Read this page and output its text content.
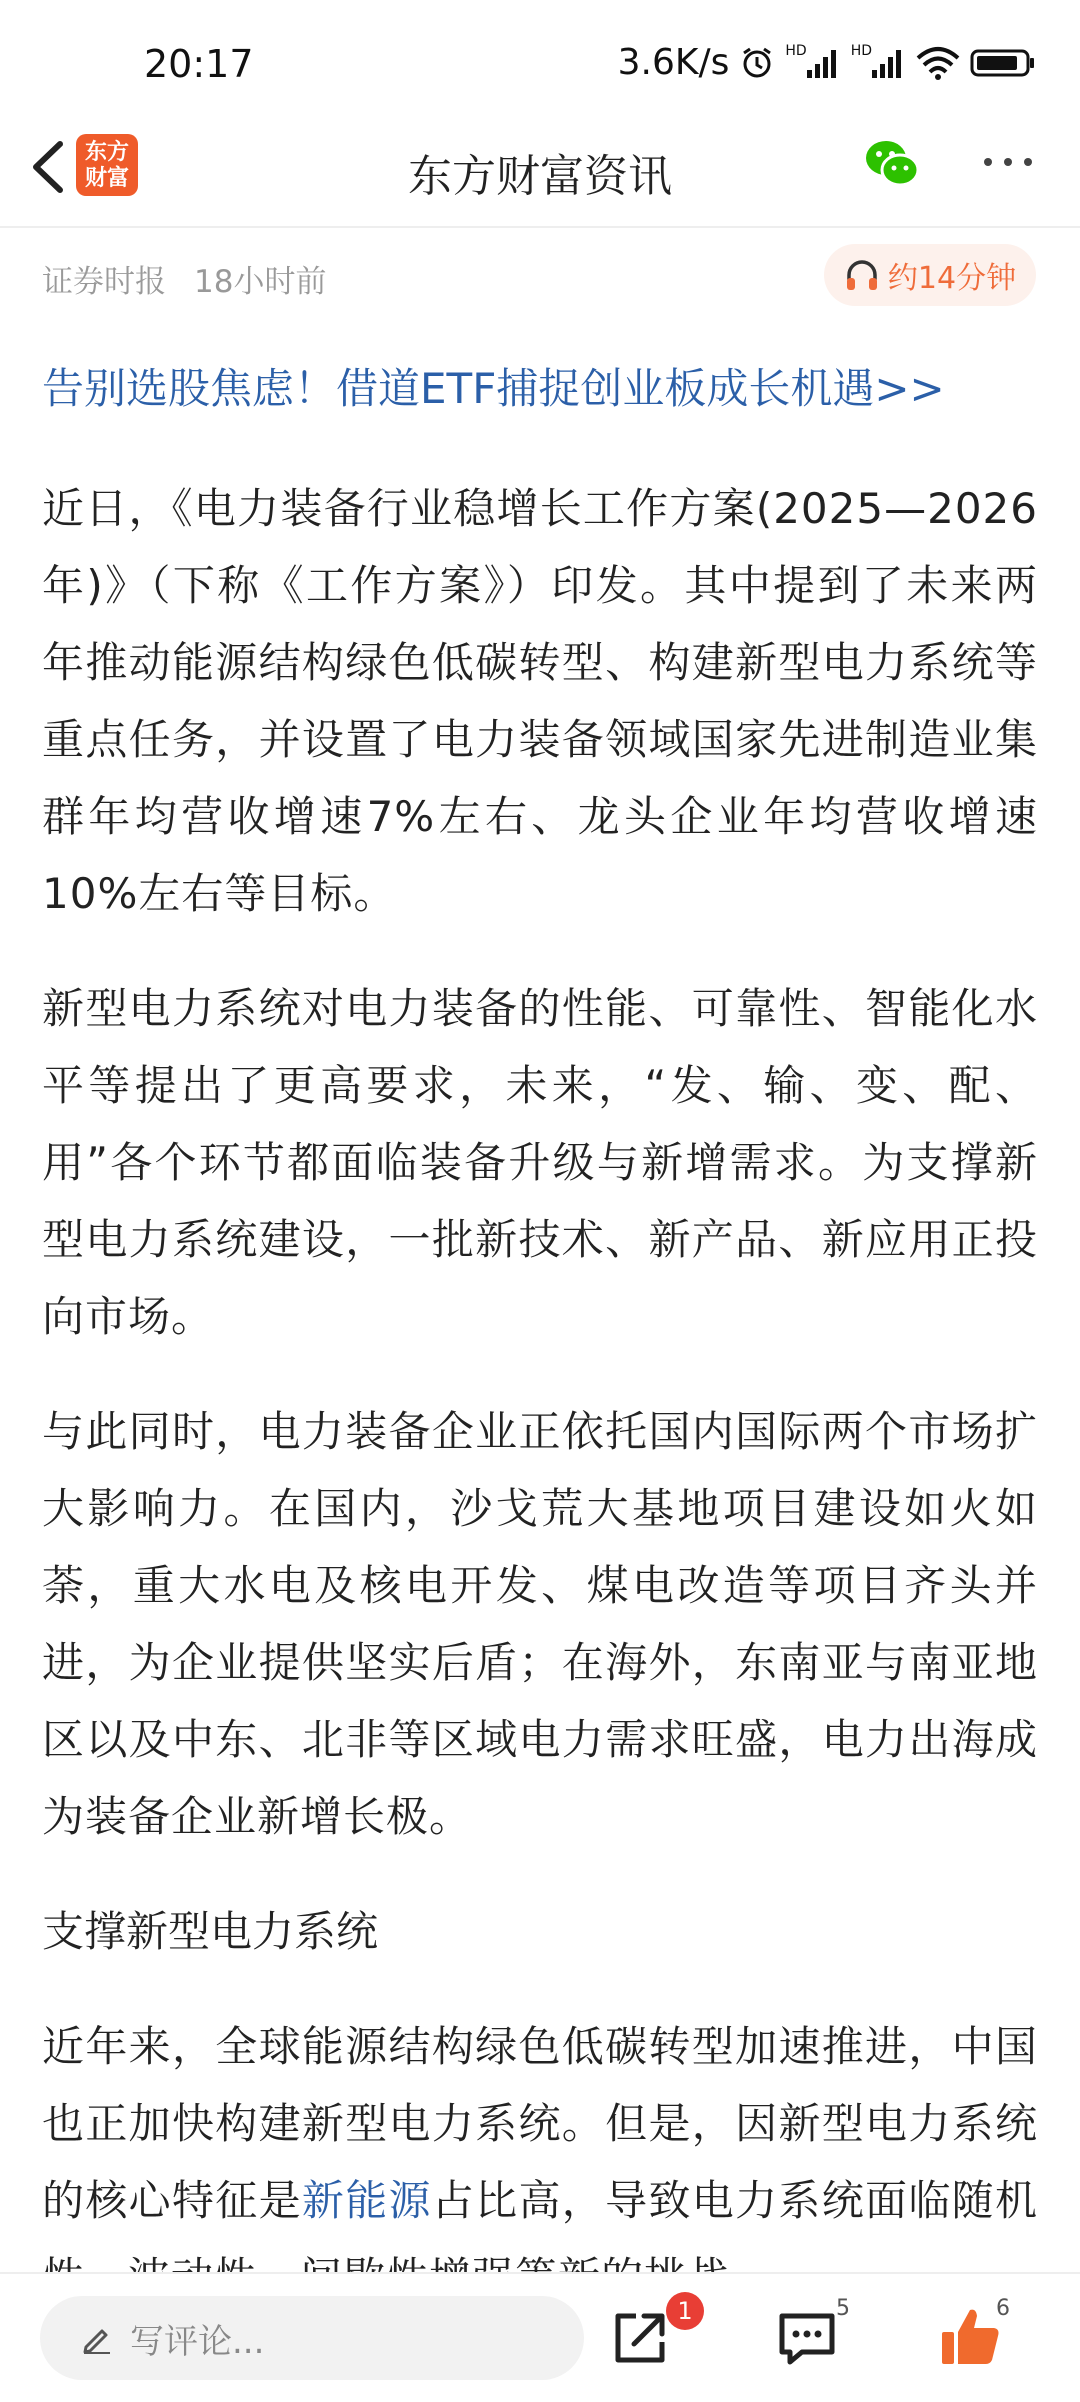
20:17	3.6K/s	HD	HD
东方
财富	东方财富资讯
证券时报 18小时前	约14分钟
告别选股焦虑！借道ETF捕捉创业板成长机遇>>

近日，《电力装备行业稳增长工作方案(2025—2026年)》（下称《工作方案》）印发。其中提到了未来两年推动能源结构绿色低碳转型、构建新型电力系统等重点任务，并设置了电力装备领域国家先进制造业集群年均营收增速7%左右、龙头企业年均营收增速10%左右等目标。

新型电力系统对电力装备的性能、可靠性、智能化水平等提出了更高要求，未来，“发、输、变、配、用”各个环节都面临装备升级与新增需求。为支撑新型电力系统建设，一批新技术、新产品、新应用正投向市场。

与此同时，电力装备企业正依托国内国际两个市场扩大影响力。在国内，沙戈荒大基地项目建设如火如荼，重大水电及核电开发、煤电改造等项目齐头并进，为企业提供坚实后盾；在海外，东南亚与南亚地区以及中东、北非等区域电力需求旺盛，电力出海成为装备企业新增长极。

支撑新型电力系统

近年来，全球能源结构绿色低碳转型加速推进，中国也正加快构建新型电力系统。但是，因新型电力系统的核心特征是新能源占比高，导致电力系统面临随机

写评论...
1	5	6
